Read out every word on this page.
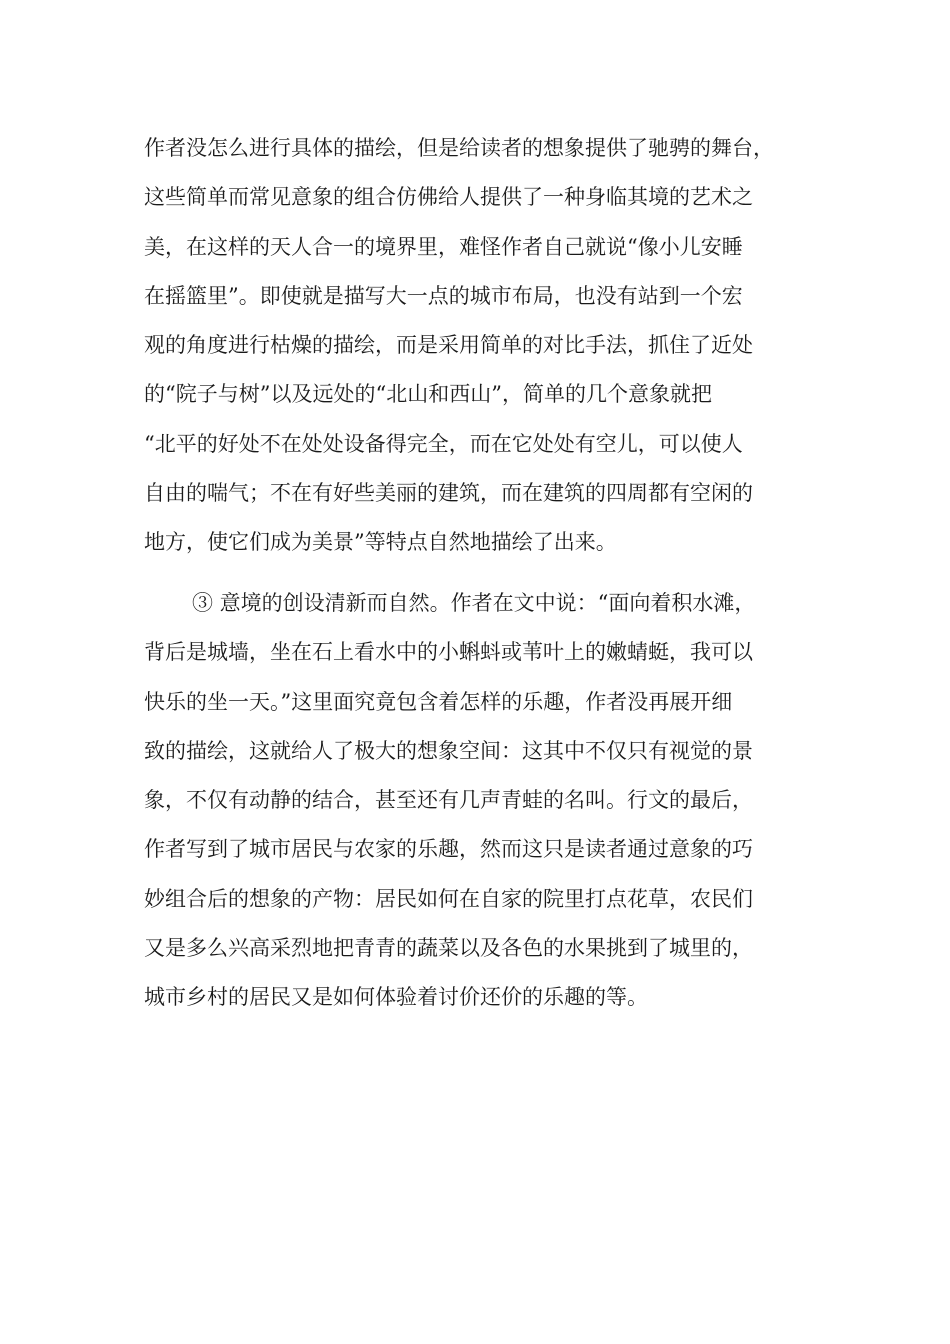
作者没怎么进行具体的描绘，但是给读者的想象提供了驰骋的舞台，
这些简单而常见意象的组合仿佛给人提供了一种身临其境的艺术之
美，在这样的天人合一的境界里，难怪作者自己就说“像小儿安睡
在摇篮里”。即使就是描写大一点的城市布局，也没有站到一个宏
观的角度进行枯燥的描绘，而是采用简单的对比手法，抓住了近处
的“院子与树”以及远处的“北山和西山”，简单的几个意象就把
“北平的好处不在处处设备得完全，而在它处处有空儿，可以使人
自由的喘气；不在有好些美丽的建筑，而在建筑的四周都有空闲的
地方，使它们成为美景”等特点自然地描绘了出来。
③ 意境的创设清新而自然。作者在文中说：“面向着积水滩，
背后是城墙，坐在石上看水中的小蝌蚪或苇叶上的嫩蜻蜓，我可以
快乐的坐一天。”这里面究竟包含着怎样的乐趣，作者没再展开细
致的描绘，这就给人了极大的想象空间：这其中不仅只有视觉的景
象，不仅有动静的结合，甚至还有几声青蛙的名叫。行文的最后，
作者写到了城市居民与农家的乐趣，然而这只是读者通过意象的巧
妙组合后的想象的产物：居民如何在自家的院里打点花草，农民们
又是多么兴高采烈地把青青的蔬菜以及各色的水果挑到了城里的，
城市乡村的居民又是如何体验着讨价还价的乐趣的等。
